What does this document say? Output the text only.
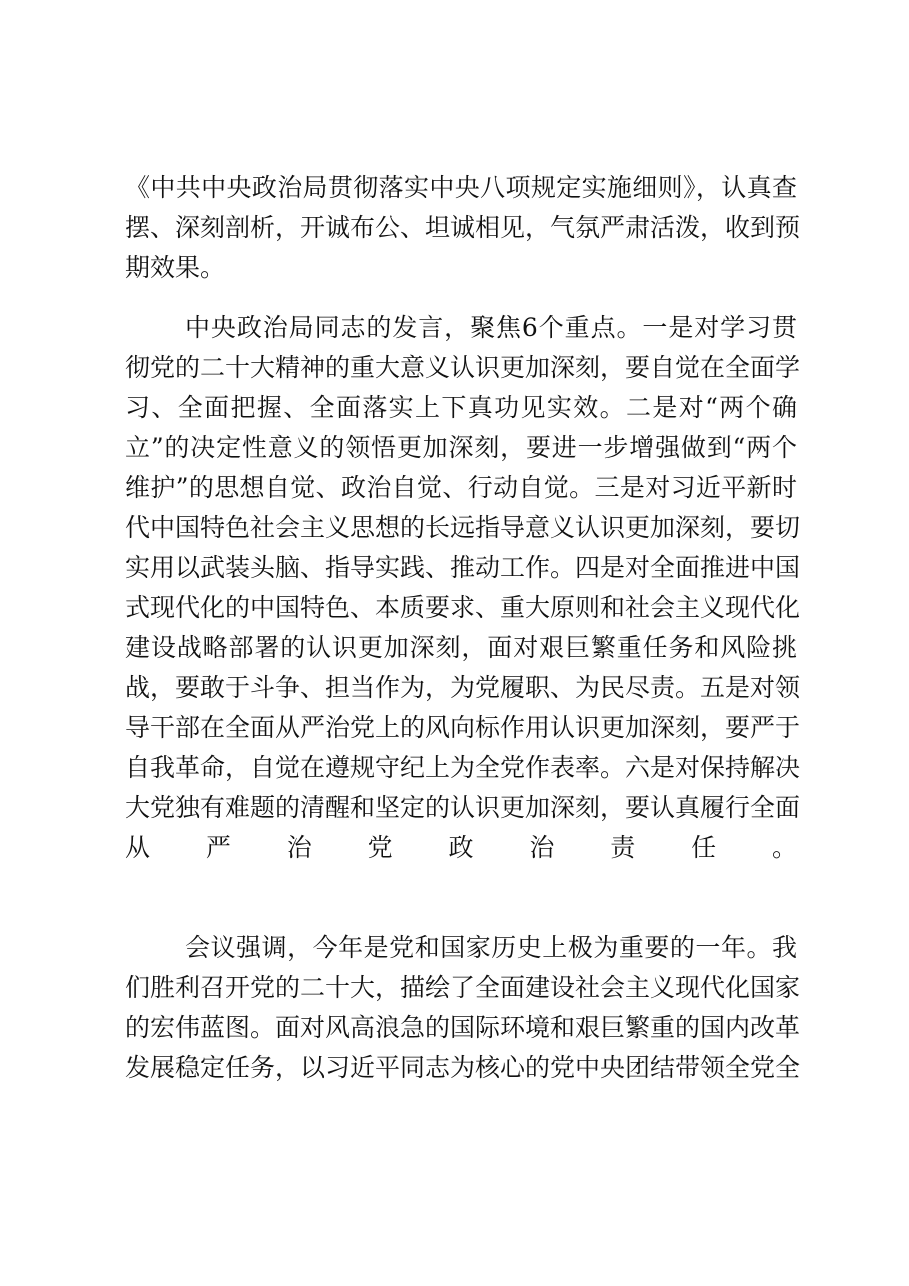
《中共中央政治局贯彻落实中央八项规定实施细则》，认真查
摆、深刻剖析，开诚布公、坦诚相见，气氛严肃活泼，收到预
期效果。
中央政治局同志的发言，聚焦6个重点。一是对学习贯
彻党的二十大精神的重大意义认识更加深刻，要自觉在全面学
习、全面把握、全面落实上下真功见实效。二是对“两个确
立”的决定性意义的领悟更加深刻，要进一步增强做到“两个
维护”的思想自觉、政治自觉、行动自觉。三是对习近平新时
代中国特色社会主义思想的长远指导意义认识更加深刻，要切
实用以武装头脑、指导实践、推动工作。四是对全面推进中国
式现代化的中国特色、本质要求、重大原则和社会主义现代化
建设战略部署的认识更加深刻，面对艰巨繁重任务和风险挑
战，要敢于斗争、担当作为，为党履职、为民尽责。五是对领
导干部在全面从严治党上的风向标作用认识更加深刻，要严于
自我革命，自觉在遵规守纪上为全党作表率。六是对保持解决
大党独有难题的清醒和坚定的认识更加深刻，要认真履行全面
从严治党政治责任。
会议强调，今年是党和国家历史上极为重要的一年。我
们胜利召开党的二十大，描绘了全面建设社会主义现代化国家
的宏伟蓝图。面对风高浪急的国际环境和艰巨繁重的国内改革
发展稳定任务，以习近平同志为核心的党中央团结带领全党全
